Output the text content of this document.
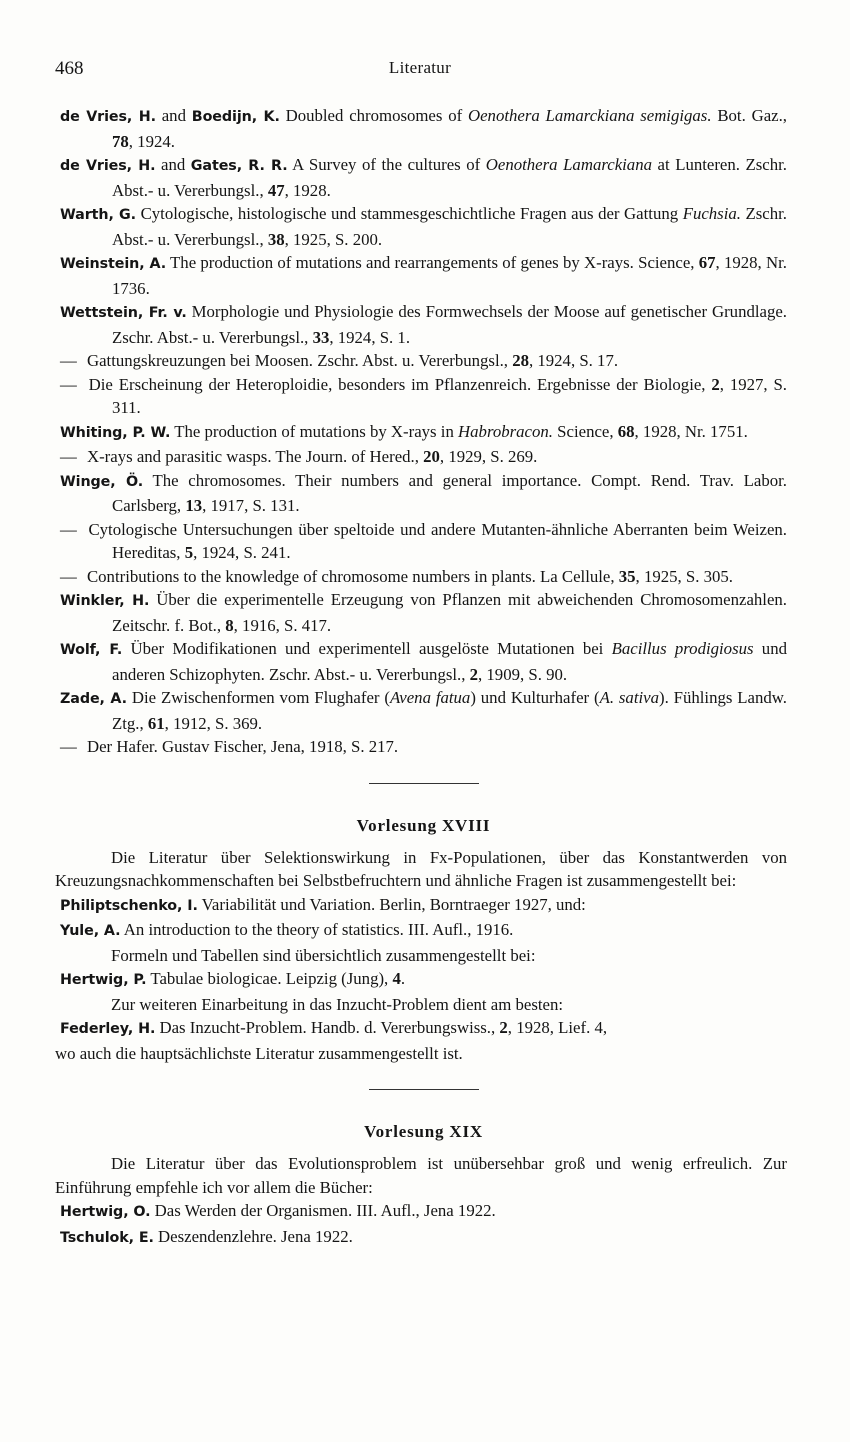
468	Literatur
de Vries, H. and Boedijn, K. Doubled chromosomes of Oenothera Lamarckiana semigigas. Bot. Gaz., 78, 1924.
de Vries, H. and Gates, R. R. A Survey of the cultures of Oenothera Lamarckiana at Lunteren. Zschr. Abst.- u. Vererbungsl., 47, 1928.
Warth, G. Cytologische, histologische und stammesgeschichtliche Fragen aus der Gattung Fuchsia. Zschr. Abst.- u. Vererbungsl., 38, 1925, S. 200.
Weinstein, A. The production of mutations and rearrangements of genes by X-rays. Science, 67, 1928, Nr. 1736.
Wettstein, Fr. v. Morphologie und Physiologie des Formwechsels der Moose auf genetischer Grundlage. Zschr. Abst.- u. Vererbungsl., 33, 1924, S. 1.
— Gattungskreuzungen bei Moosen. Zschr. Abst. u. Vererbungsl., 28, 1924, S. 17.
— Die Erscheinung der Heteroploidie, besonders im Pflanzenreich. Ergebnisse der Biologie, 2, 1927, S. 311.
Whiting, P. W. The production of mutations by X-rays in Habrobracon. Science, 68, 1928, Nr. 1751.
— X-rays and parasitic wasps. The Journ. of Hered., 20, 1929, S. 269.
Winge, Ö. The chromosomes. Their numbers and general importance. Compt. Rend. Trav. Labor. Carlsberg, 13, 1917, S. 131.
— Cytologische Untersuchungen über speltoide und andere Mutanten-ähnliche Aberranten beim Weizen. Hereditas, 5, 1924, S. 241.
— Contributions to the knowledge of chromosome numbers in plants. La Cellule, 35, 1925, S. 305.
Winkler, H. Über die experimentelle Erzeugung von Pflanzen mit abweichenden Chromosomenzahlen. Zeitschr. f. Bot., 8, 1916, S. 417.
Wolf, F. Über Modifikationen und experimentell ausgelöste Mutationen bei Bacillus prodigiosus und anderen Schizophyten. Zschr. Abst.- u. Vererbungsl., 2, 1909, S. 90.
Zade, A. Die Zwischenformen vom Flughafer (Avena fatua) und Kulturhafer (A. sativa). Fühlings Landw. Ztg., 61, 1912, S. 369.
— Der Hafer. Gustav Fischer, Jena, 1918, S. 217.
Vorlesung XVIII
Die Literatur über Selektionswirkung in Fx-Populationen, über das Konstantwerden von Kreuzungsnachkommenschaften bei Selbstbefruchtern und ähnliche Fragen ist zusammengestellt bei:
Philiptschenko, I. Variabilität und Variation. Berlin, Borntraeger 1927, und:
Yule, A. An introduction to the theory of statistics. III. Aufl., 1916.
Formeln und Tabellen sind übersichtlich zusammengestellt bei:
Hertwig, P. Tabulae biologicae. Leipzig (Jung), 4.
Zur weiteren Einarbeitung in das Inzucht-Problem dient am besten:
Federley, H. Das Inzucht-Problem. Handb. d. Vererbungswiss., 2, 1928, Lief. 4,
wo auch die hauptsächlichste Literatur zusammengestellt ist.
Vorlesung XIX
Die Literatur über das Evolutionsproblem ist unübersehbar groß und wenig erfreulich. Zur Einführung empfehle ich vor allem die Bücher:
Hertwig, O. Das Werden der Organismen. III. Aufl., Jena 1922.
Tschulok, E. Deszendenzlehre. Jena 1922.
